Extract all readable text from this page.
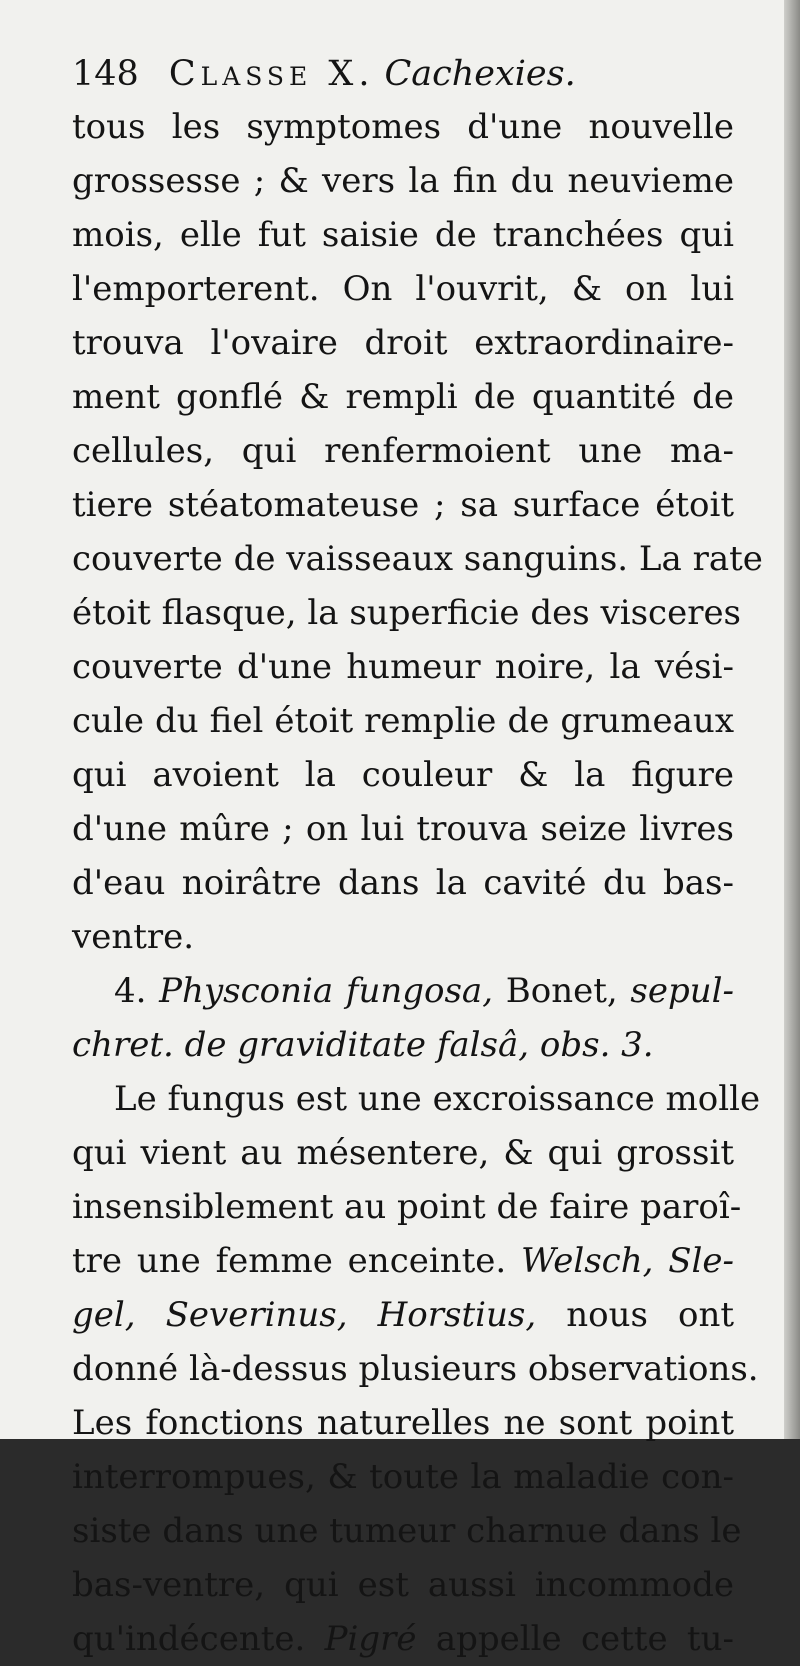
148 Classe X. Cachexies.
tous les symptomes d'une nouvelle
grossesse ; & vers la fin du neuvieme
mois, elle fut saisie de tranchées qui
l'emporterent. On l'ouvrit, & on lui
trouva l'ovaire droit extraordinaire-
ment gonflé & rempli de quantité de
cellules, qui renfermoient une ma-
tiere stéatomateuse ; sa surface étoit
couverte de vaisseaux sanguins. La rate
étoit flasque, la superficie des visceres
couverte d'une humeur noire, la vési-
cule du fiel étoit remplie de grumeaux
qui avoient la couleur & la figure
d'une mûre ; on lui trouva seize livres
d'eau noirâtre dans la cavité du bas-
ventre.
4. Physconia fungosa, Bonet, sepul-
chret. de graviditate falsâ, obs. 3.
Le fungus est une excroissance molle
qui vient au mésentere, & qui grossit
insensiblement au point de faire paroî-
tre une femme enceinte. Welsch, Sle-
gel, Severinus, Horstius, nous ont
donné là-dessus plusieurs observations.
Les fonctions naturelles ne sont point
interrompues, & toute la maladie con-
siste dans une tumeur charnue dans le
bas-ventre, qui est aussi incommode
qu'indécente. Pigré appelle cette tu-
